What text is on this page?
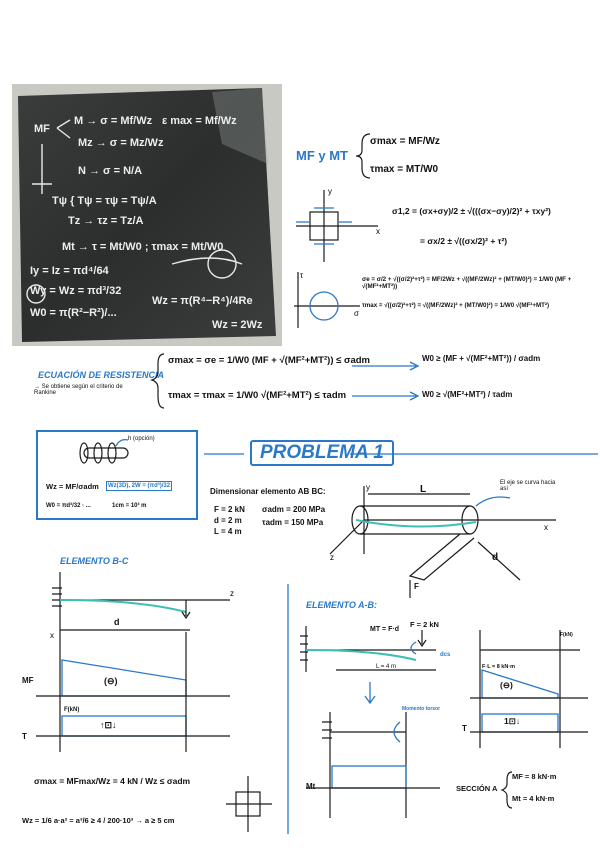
MF
M → σ = Mf/Wz
Mz → σ = Mz/Wz
ε max = Mf/Wz
N → σ = N/A
Tψ { Tψ = τψ = Tψ/A
Tz → τz = Tz/A
Mt → τ = Mt/W0 ; τmax = Mt/W0
Iy = Iz = πd⁴/64
Wy = Wz = πd³/32
W0 = π(R²−R²)/...
Wz = π(R⁴−R⁴)/4Re
Wz = 2Wz
MF y MT
σmax = MF/Wz
τmax = MT/W0
y
x
σ1,2 = (σx+σy)/2 ± √(((σx−σy)/2)² + τxy²)
= σx/2 ± √((σx/2)² + τ²)
τ
σ
σe = σ/2 + √((σ/2)²+τ²) = MF/2Wz + √((MF/2Wz)² + (MT/W0)²) = 1/W0 (MF + √(MF²+MT²))
τmax = √((σ/2)²+τ²) = √((MF/2Wz)² + (MT/W0)²) = 1/W0 √(MF²+MT²)
ECUACIÓN DE RESISTENCIA
→ Se obtiene según el criterio de Rankine
σmax = σe = 1/W0 (MF + √(MF²+MT²)) ≤ σadm	W0 ≥ (MF + √(MF²+MT²)) / σadm
τmax = τmax = 1/W0 √(MF²+MT²) ≤ τadm	W0 ≥ √(MF²+MT²) / τadm
h (opción)
Wz = MF/σadm	Wz(3D), 2W = (πd³)/32
W0 = πd³/32 · ...	1cm = 10³ m
PROBLEMA 1
Dimensionar elemento AB BC:
F = 2 kN
d = 2 m
L = 4 m
σadm = 200 MPa
τadm = 150 MPa
El eje se curva hacia así
z
y
x
L
d
F
ELEMENTO B-C
z
x
d
MF	(⊖)
F(kN)
↑⊡↓
T
σmax = MFmax/Wz = 4 kN / Wz ≤ σadm
Wz = 1/6 a·a² = a³/6 ≥ 4 / 200·10³ → a ≥ 5 cm
ELEMENTO A-B:
F = 2 kN
MT = F·d
L = 4 m
dcs
F(kN)
F·L = 8 kN·m
(⊖)
1⊡↓
Momento torsor
T
Mt	SECCIÓN A
MF = 8 kN·m
Mt = 4 kN·m
